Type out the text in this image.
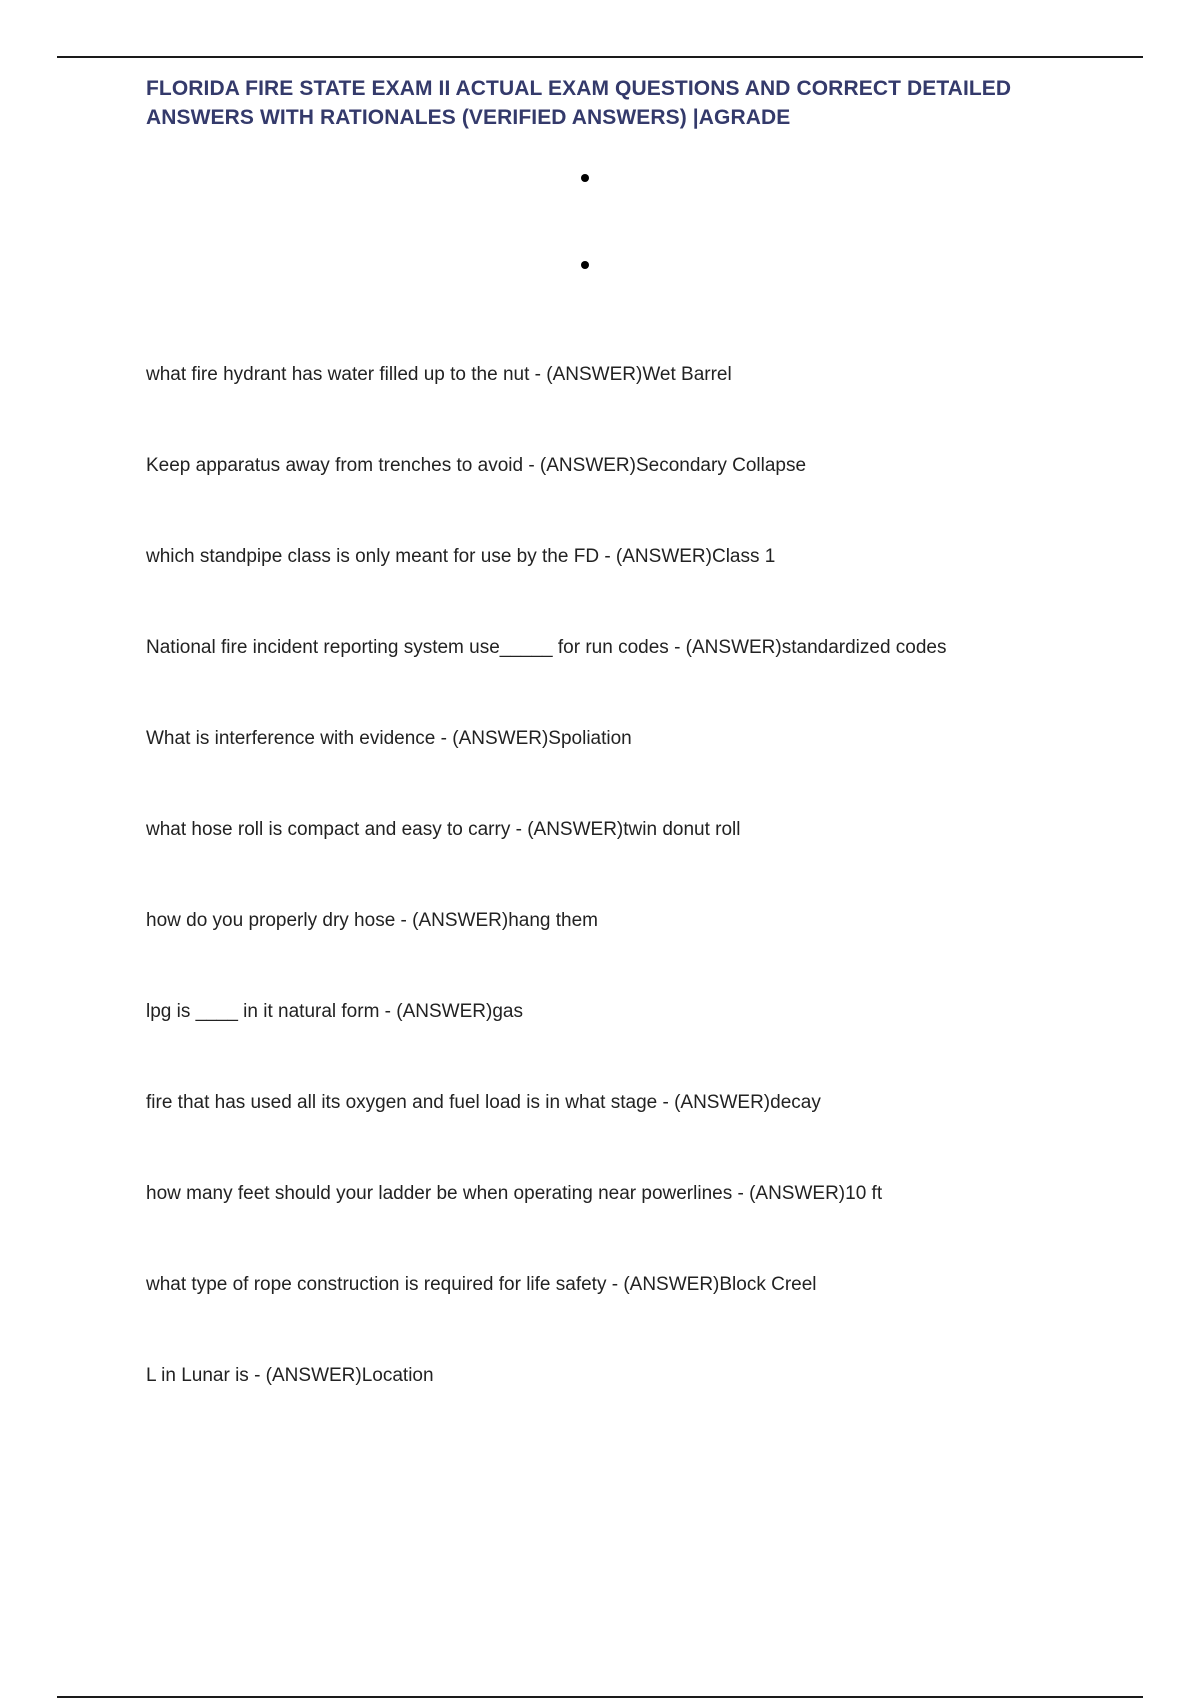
FLORIDA FIRE STATE EXAM II ACTUAL EXAM QUESTIONS AND CORRECT DETAILED
ANSWERS WITH RATIONALES (VERIFIED ANSWERS) |AGRADE
what fire hydrant has water filled up to the nut - (ANSWER)Wet Barrel
Keep apparatus away from trenches to avoid - (ANSWER)Secondary Collapse
which standpipe class is only meant for use by the FD - (ANSWER)Class 1
National fire incident reporting system use_____ for run codes - (ANSWER)standardized codes
What is interference with evidence - (ANSWER)Spoliation
what hose roll is compact and easy to carry - (ANSWER)twin donut roll
how do you properly dry hose - (ANSWER)hang them
lpg is ____ in it natural form - (ANSWER)gas
fire that has used all its oxygen and fuel load is in what stage - (ANSWER)decay
how many feet should your ladder be when operating near powerlines - (ANSWER)10 ft
what type of rope construction is required for life safety - (ANSWER)Block Creel
L in Lunar is - (ANSWER)Location
